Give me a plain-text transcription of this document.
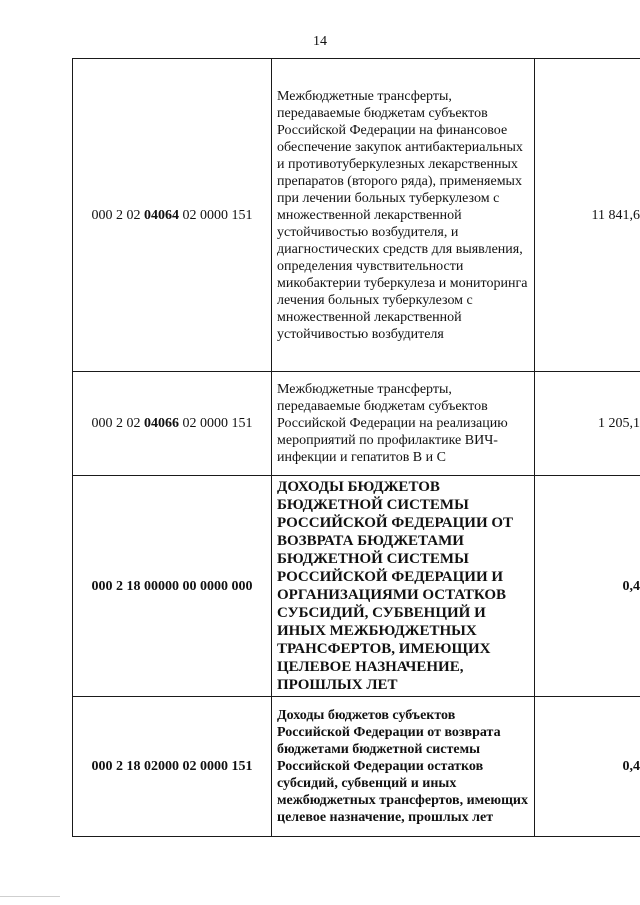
14
000 2 02 04064 02 0000 151	Межбюджетные трансферты, передаваемые бюджетам субъектов Российской Федерации на финансовое обеспечение закупок антибактериальных и противотуберкулезных лекарственных препаратов (второго ряда), применяемых при лечении больных туберкулезом с множественной лекарственной устойчивостью возбудителя, и диагностических средств для выявления, определения чувствительности микобактерии туберкулеза и мониторинга лечения больных туберкулезом с множественной лекарственной устойчивостью возбудителя	11 841,6
000 2 02 04066 02 0000 151	Межбюджетные трансферты, передаваемые бюджетам субъектов Российской Федерации на реализацию мероприятий по профилактике ВИЧ-инфекции и гепатитов В и С	1 205,1
000 2 18 00000 00 0000 000	ДОХОДЫ БЮДЖЕТОВ БЮДЖЕТНОЙ СИСТЕМЫ РОССИЙСКОЙ ФЕДЕРАЦИИ ОТ ВОЗВРАТА БЮДЖЕТАМИ БЮДЖЕТНОЙ СИСТЕМЫ РОССИЙСКОЙ ФЕДЕРАЦИИ И ОРГАНИЗАЦИЯМИ ОСТАТКОВ СУБСИДИЙ, СУБВЕНЦИЙ И ИНЫХ МЕЖБЮДЖЕТНЫХ ТРАНСФЕРТОВ, ИМЕЮЩИХ ЦЕЛЕВОЕ НАЗНАЧЕНИЕ, ПРОШЛЫХ ЛЕТ	0,4
000 2 18 02000 02 0000 151	Доходы бюджетов субъектов Российской Федерации от возврата бюджетами бюджетной системы Российской Федерации остатков субсидий, субвенций и иных межбюджетных трансфертов, имеющих целевое назначение, прошлых лет	0,4
